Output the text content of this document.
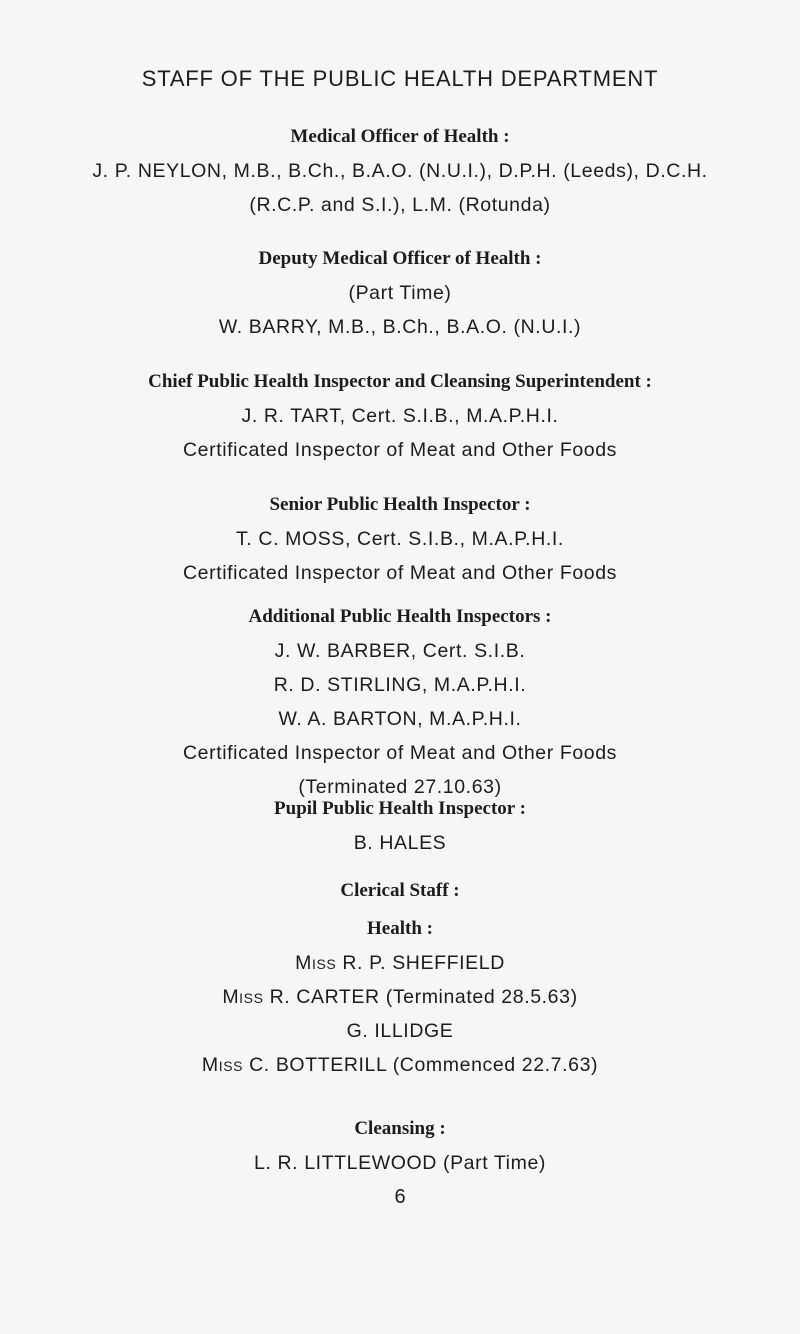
STAFF OF THE PUBLIC HEALTH DEPARTMENT
Medical Officer of Health :
J. P. NEYLON, M.B., B.Ch., B.A.O. (N.U.I.), D.P.H. (Leeds), D.C.H.
(R.C.P. and S.I.), L.M. (Rotunda)
Deputy Medical Officer of Health :
(Part Time)
W. BARRY, M.B., B.Ch., B.A.O. (N.U.I.)
Chief Public Health Inspector and Cleansing Superintendent :
J. R. TART, Cert. S.I.B., M.A.P.H.I.
Certificated Inspector of Meat and Other Foods
Senior Public Health Inspector :
T. C. MOSS, Cert. S.I.B., M.A.P.H.I.
Certificated Inspector of Meat and Other Foods
Additional Public Health Inspectors :
J. W. BARBER, Cert. S.I.B.
R. D. STIRLING, M.A.P.H.I.
W. A. BARTON, M.A.P.H.I.
Certificated Inspector of Meat and Other Foods
(Terminated 27.10.63)
Pupil Public Health Inspector :
B. HALES
Clerical Staff :
Health :
Miss R. P. SHEFFIELD
Miss R. CARTER (Terminated 28.5.63)
G. ILLIDGE
Miss C. BOTTERILL (Commenced 22.7.63)
Cleansing :
L. R. LITTLEWOOD (Part Time)
6
